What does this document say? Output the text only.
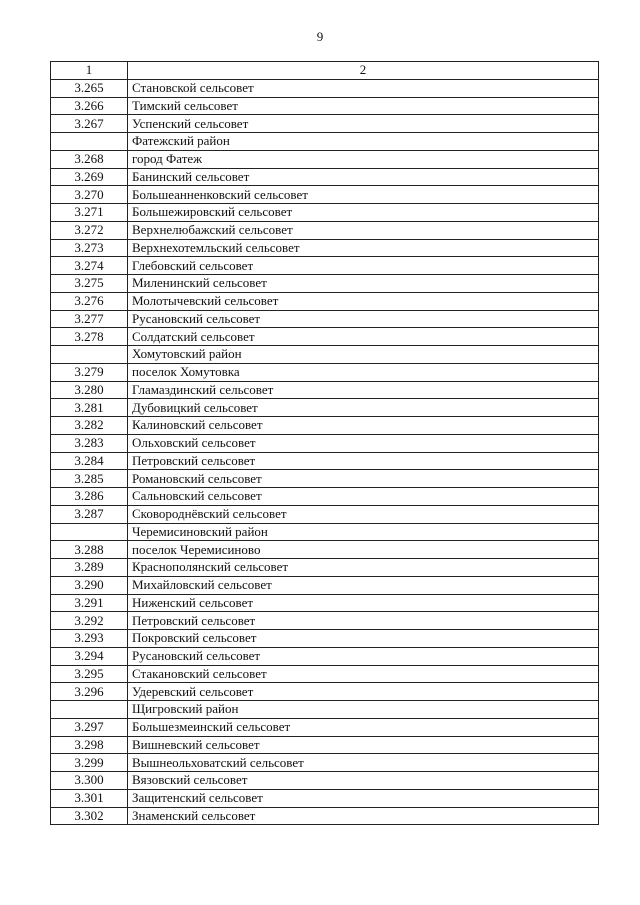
9
1	2
3.265	Становской сельсовет
3.266	Тимский сельсовет
3.267	Успенский сельсовет
	Фатежский район
3.268	город Фатеж
3.269	Банинский сельсовет
3.270	Большеанненковский сельсовет
3.271	Большежировский сельсовет
3.272	Верхнелюбажский сельсовет
3.273	Верхнехотемльский сельсовет
3.274	Глебовский сельсовет
3.275	Миленинский сельсовет
3.276	Молотычевский сельсовет
3.277	Русановский сельсовет
3.278	Солдатский сельсовет
	Хомутовский район
3.279	поселок Хомутовка
3.280	Гламаздинский сельсовет
3.281	Дубовицкий сельсовет
3.282	Калиновский сельсовет
3.283	Ольховский сельсовет
3.284	Петровский сельсовет
3.285	Романовский сельсовет
3.286	Сальновский сельсовет
3.287	Сковороднёвский сельсовет
	Черемисиновский район
3.288	поселок Черемисиново
3.289	Краснополянский сельсовет
3.290	Михайловский сельсовет
3.291	Ниженский сельсовет
3.292	Петровский сельсовет
3.293	Покровский сельсовет
3.294	Русановский сельсовет
3.295	Стакановский сельсовет
3.296	Удеревский сельсовет
	Щигровский район
3.297	Большезмеинский сельсовет
3.298	Вишневский сельсовет
3.299	Вышнеольховатский сельсовет
3.300	Вязовский сельсовет
3.301	Защитенский сельсовет
3.302	Знаменский сельсовет
